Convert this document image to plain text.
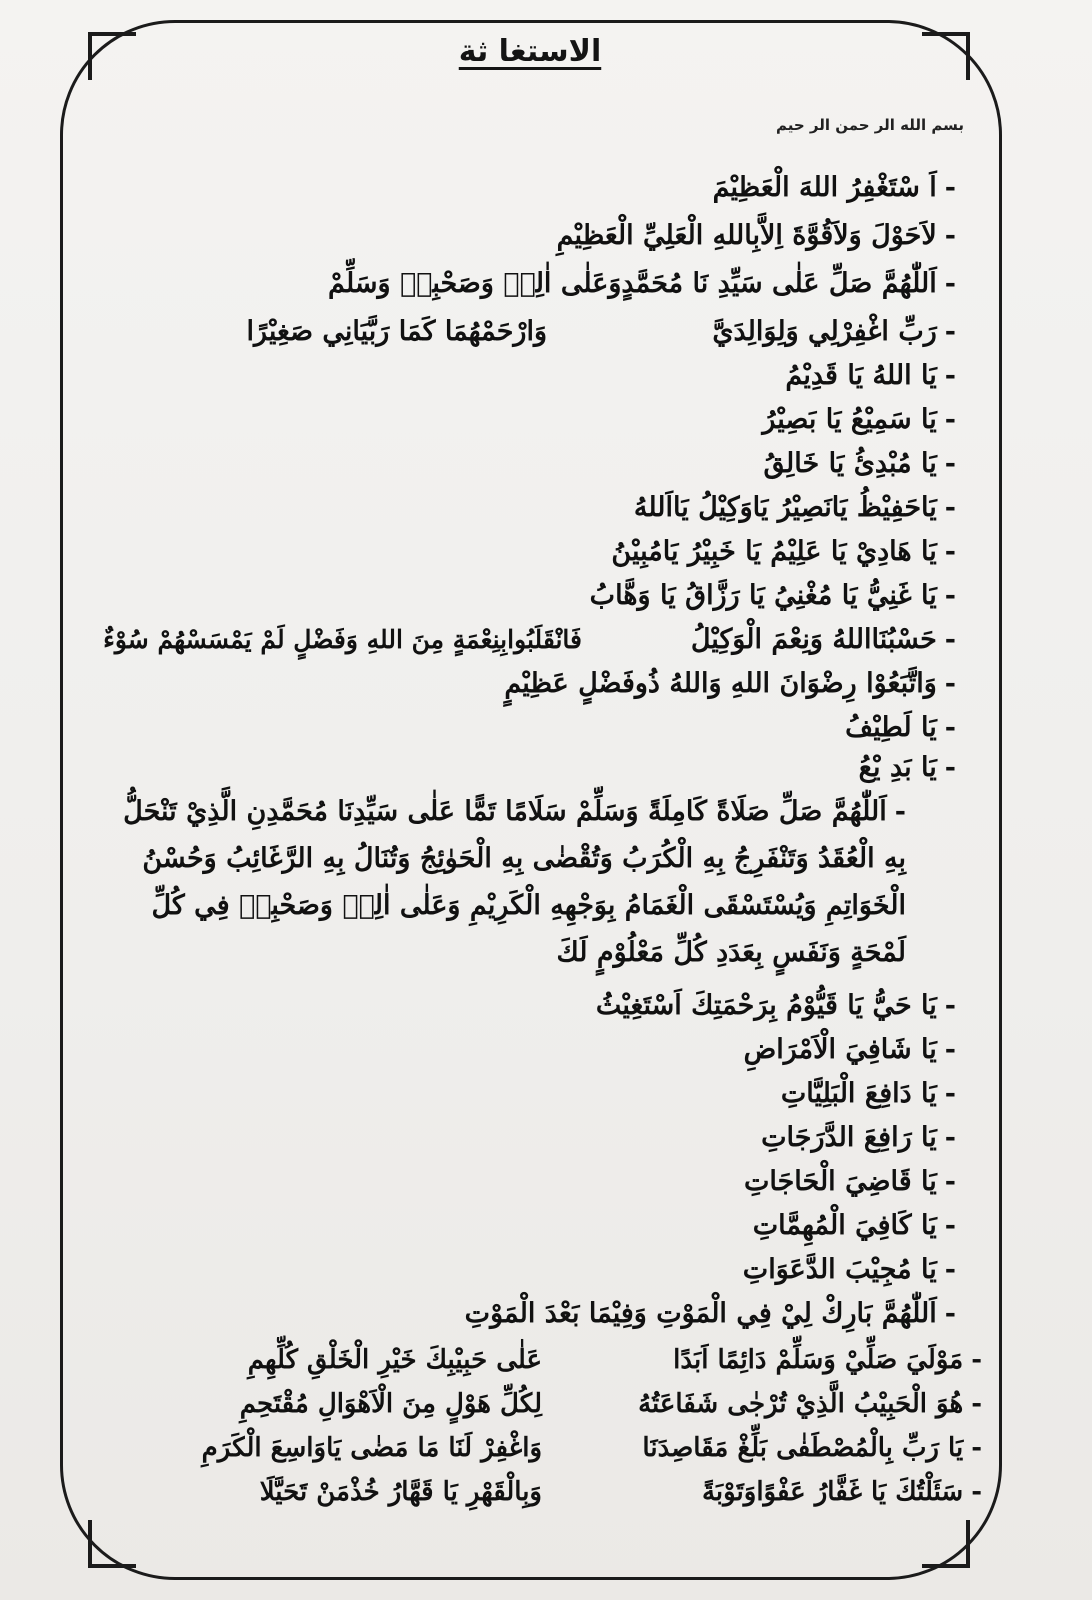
الاستغا ثة
بسم الله الر حمن الر حيم
-اَ سْتَغْفِرُ اللهَ الْعَظِيْمَ
-لاَحَوْلَ وَلاَقُوَّةَ اِلاَّبِاللهِ الْعَلِيِّ الْعَظِيْمِ
-اَللّٰهُمَّ صَلِّ عَلٰى سَيِّدِ نَا مُحَمَّدٍوَعَلٰى اٰلِهٖ وَصَحْبِهٖ وَسَلِّمْ
-رَبِّ اغْفِرْلِي وَلِوَالِدَيَّ
وَارْحَمْهُمَا كَمَا رَبَّيَانِي صَغِيْرًا
-يَا اللهُ يَا قَدِيْمُ
-يَا سَمِيْعُ يَا بَصِيْرُ
-يَا مُبْدِئُ يَا خَالِقُ
-يَاحَفِيْظُ يَانَصِيْرُ يَاوَكِيْلُ يَااَللهُ
-يَا هَادِيْ يَا عَلِيْمُ يَا خَبِيْرُ يَامُبِيْنُ
-يَا غَنِيُّ يَا مُغْنِيُ يَا رَزَّاقُ يَا وَهَّابُ
-حَسْبُنَااللهُ وَنِعْمَ الْوَكِيْلُ
فَانْقَلَبُوابِنِعْمَةٍ مِنَ اللهِ وَفَضْلٍ لَمْ يَمْسَسْهُمْ سُوْءٌ
-وَاتَّبَعُوْا رِضْوَانَ اللهِ وَاللهُ ذُوفَضْلٍ عَظِيْمٍ
-يَا لَطِيْفُ
-يَا بَدِ يْعُ
-اَللّٰهُمَّ صَلِّ صَلَاةً كَامِلَةً وَسَلِّمْ سَلَامًا تَمًّا عَلٰى سَيِّدِنَا مُحَمَّدِنِ الَّذِيْ تَنْحَلُّ بِهِ الْعُقَدُ وَتَنْفَرِجُ بِهِ الْكُرَبُ وَتُقْضٰى بِهِ الْحَوٰئِجُ وَتُنَالُ بِهِ الرَّغَائِبُ وَحُسْنُ الْخَوَاتِمِ وَيُسْتَسْقَى الْغَمَامُ بِوَجْهِهِ الْكَرِيْمِ وَعَلٰى اٰلِهٖ وَصَحْبِهٖ فِي كُلِّ لَمْحَةٍ وَنَفَسٍ بِعَدَدِ كُلِّ مَعْلُوْمٍ لَكَ
-يَا حَيُّ يَا قَيُّوْمُ بِرَحْمَتِكَ اَسْتَغِيْثُ
-يَا شَافِيَ الْاَمْرَاضِ
-يَا دَافِعَ الْبَلِيَّاتِ
-يَا رَافِعَ الدَّرَجَاتِ
-يَا قَاضِيَ الْحَاجَاتِ
-يَا كَافِيَ الْمُهِمَّاتِ
-يَا مُجِيْبَ الدَّعَوَاتِ
-اَللّٰهُمَّ بَارِكْ لِيْ فِي الْمَوْتِ وَفِيْمَا بَعْدَ الْمَوْتِ
-مَوْلَيَ صَلِّيْ وَسَلِّمْ دَائِمًا اَبَدًا
عَلٰى حَبِيْبِكَ خَيْرِ الْخَلْقِ كُلِّهِمِ
-هُوَ الْحَبِيْبُ الَّذِيْ تُرْجٰى شَفَاعَتُهُ
لِكُلِّ هَوْلٍ مِنَ الْاَهْوَالِ مُقْتَحِمِ
-يَا رَبِّ بِالْمُصْطَفٰى بَلِّغْ مَقَاصِدَنَا
وَاغْفِرْ لَنَا مَا مَضٰى يَاوَاسِعَ الْكَرَمِ
-سَئَلْتُكَ يَا غَفَّارُ عَفْوًاوَتَوْبَةً
وَبِالْقَهْرِ يَا قَهَّارُ خُذْمَنْ تَحَيَّلَا
